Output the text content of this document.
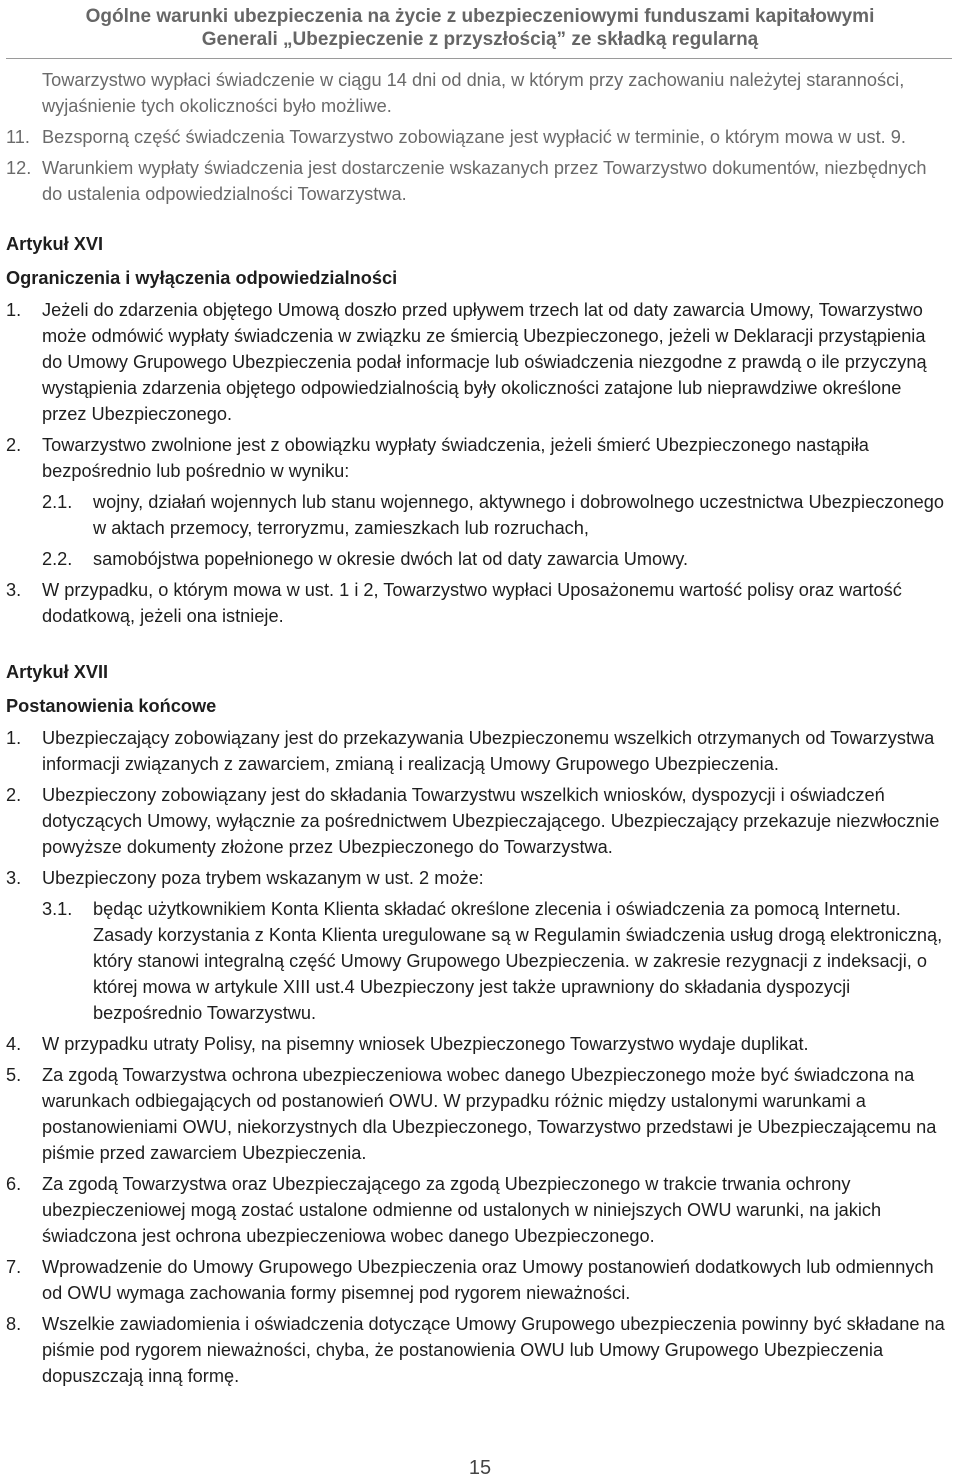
Ogólne warunki ubezpieczenia na życie z ubezpieczeniowymi funduszami kapitałowymi
Generali „Ubezpieczenie z przyszłością” ze składką regularną

Towarzystwo wypłaci świadczenie w ciągu 14 dni od dnia, w którym przy zachowaniu należytej staranności, wyjaśnienie tych okoliczności było możliwe.

11. Bezsporną część świadczenia Towarzystwo zobowiązane jest wypłacić w terminie, o którym mowa w ust. 9.
12. Warunkiem wypłaty świadczenia jest dostarczenie wskazanych przez Towarzystwo dokumentów, niezbędnych do ustalenia odpowiedzialności Towarzystwa.

Artykuł XVI

Ograniczenia i wyłączenia odpowiedzialności

1. Jeżeli do zdarzenia objętego Umową doszło przed upływem trzech lat od daty zawarcia Umowy, Towarzystwo może odmówić wypłaty świadczenia w związku ze śmiercią Ubezpieczonego, jeżeli w Deklaracji przystąpienia do Umowy Grupowego Ubezpieczenia podał informacje lub oświadczenia niezgodne z prawdą o ile przyczyną wystąpienia zdarzenia objętego odpowiedzialnością były okoliczności zatajone lub nieprawdziwe określone przez Ubezpieczonego.
2. Towarzystwo zwolnione jest z obowiązku wypłaty świadczenia, jeżeli śmierć Ubezpieczonego nastąpiła bezpośrednio lub pośrednio w wyniku:
2.1. wojny, działań wojennych lub stanu wojennego, aktywnego i dobrowolnego uczestnictwa Ubezpieczonego w aktach przemocy, terroryzmu, zamieszkach lub rozruchach,
2.2. samobójstwa popełnionego w okresie dwóch lat od daty zawarcia Umowy.
3. W przypadku, o którym mowa w ust. 1 i 2, Towarzystwo wypłaci Uposażonemu wartość polisy oraz wartość dodatkową, jeżeli ona istnieje.

Artykuł XVII

Postanowienia końcowe

1. Ubezpieczający zobowiązany jest do przekazywania Ubezpieczonemu wszelkich otrzymanych od Towarzystwa informacji związanych z zawarciem, zmianą i realizacją Umowy Grupowego Ubezpieczenia.
2. Ubezpieczony zobowiązany jest do składania Towarzystwu wszelkich wniosków, dyspozycji i oświadczeń dotyczących Umowy, wyłącznie za pośrednictwem Ubezpieczającego. Ubezpieczający przekazuje niezwłocznie powyższe dokumenty złożone przez Ubezpieczonego do Towarzystwa.
3. Ubezpieczony poza trybem wskazanym w ust. 2 może:
3.1. będąc użytkownikiem Konta Klienta składać określone zlecenia i oświadczenia za pomocą Internetu. Zasady korzystania z Konta Klienta uregulowane są w Regulamin świadczenia usług drogą elektroniczną, który stanowi integralną część Umowy Grupowego Ubezpieczenia. w zakresie rezygnacji z indeksacji, o której mowa w artykule XIII ust.4 Ubezpieczony jest także uprawniony do składania dyspozycji bezpośrednio Towarzystwu.
4. W przypadku utraty Polisy, na pisemny wniosek Ubezpieczonego Towarzystwo wydaje duplikat.
5. Za zgodą Towarzystwa ochrona ubezpieczeniowa wobec danego Ubezpieczonego może być świadczona na warunkach odbiegających od postanowień OWU. W przypadku różnic między ustalonymi warunkami a postanowieniami OWU, niekorzystnych dla Ubezpieczonego, Towarzystwo przedstawi je Ubezpieczającemu na piśmie przed zawarciem Ubezpieczenia.
6. Za zgodą Towarzystwa oraz Ubezpieczającego za zgodą Ubezpieczonego w trakcie trwania ochrony ubezpieczeniowej mogą zostać ustalone odmienne od ustalonych w niniejszych OWU warunki, na jakich świadczona jest ochrona ubezpieczeniowa wobec danego Ubezpieczonego.
7. Wprowadzenie do Umowy Grupowego Ubezpieczenia oraz Umowy postanowień dodatkowych lub odmiennych od OWU wymaga zachowania formy pisemnej pod rygorem nieważności.
8. Wszelkie zawiadomienia i oświadczenia dotyczące Umowy Grupowego ubezpieczenia powinny być składane na piśmie pod rygorem nieważności, chyba, że postanowienia OWU lub Umowy Grupowego Ubezpieczenia dopuszczają inną formę.
15
